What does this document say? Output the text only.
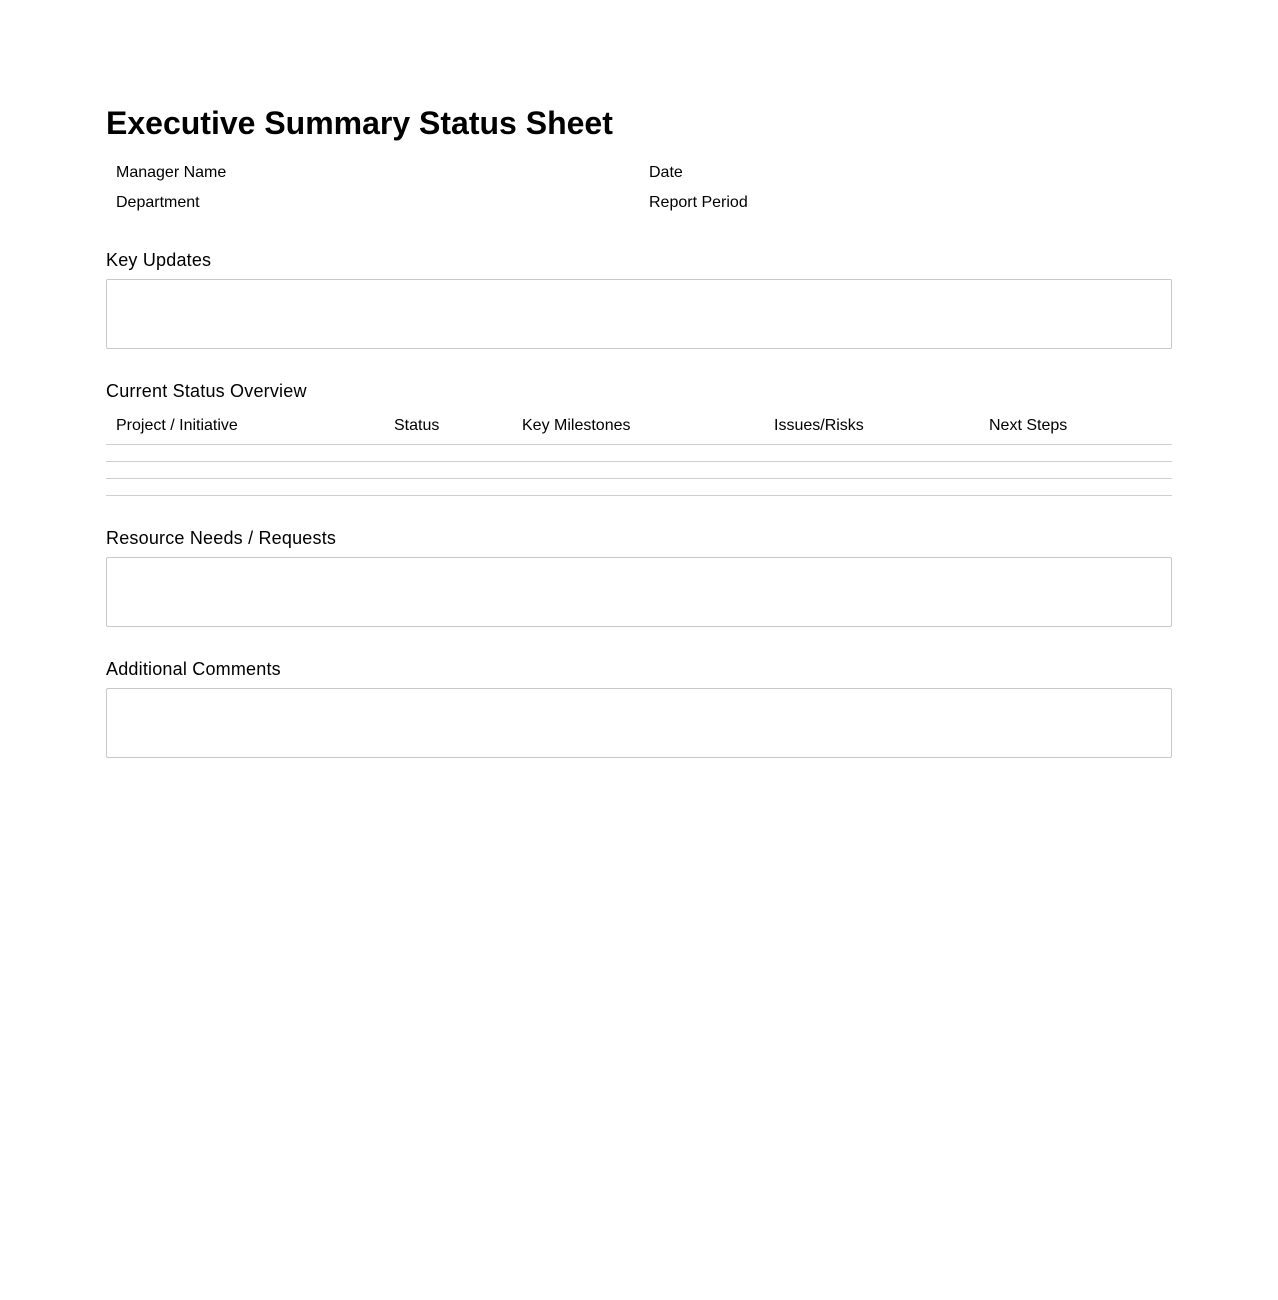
Executive Summary Status Sheet
Manager Name	Date
Department	Report Period
Key Updates
Current Status Overview
Project / Initiative	Status	Key Milestones	Issues/Risks	Next Steps
Resource Needs / Requests
Additional Comments
